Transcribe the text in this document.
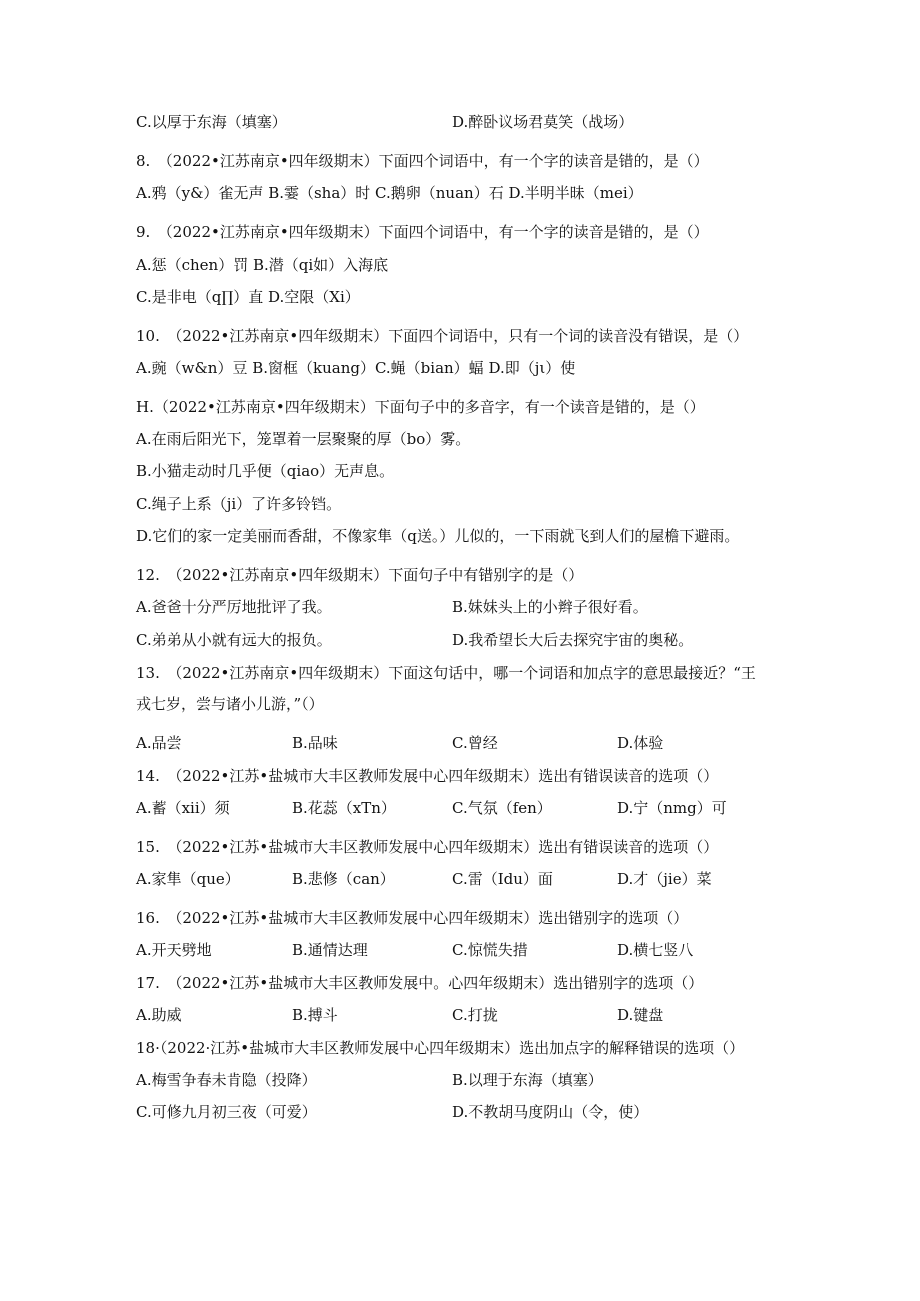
C.以厚于东海（填塞）	D.醉卧议场君莫笑（战场）
8.　（2022•江苏南京•四年级期末）下面四个词语中，有一个字的读音是错的，是（）
A.鸦（y&）雀无声 B.霎（sha）时 C.鹅卵（nuan）石 D.半明半昧（mei）
9.　（2022•江苏南京•四年级期末）下面四个词语中，有一个字的读音是错的，是（）
A.惩（chen）罚 B.潜（qi如）入海底
C.是非电（q∏）直 D.空限（Xi）
10.　（2022•江苏南京•四年级期末）下面四个词语中，只有一个词的读音没有错误，是（）
A.豌（w&n）豆 B.窗框（kuang）C.蝇（bian）蝠 D.即（jι）使
H.（2022•江苏南京•四年级期末）下面句子中的多音字，有一个读音是错的，是（）
A.在雨后阳光下，笼罩着一层聚聚的厚（bo）雾。
B.小猫走动时几乎便（qiao）无声息。
C.绳子上系（ji）了许多铃铛。
D.它们的家一定美丽而香甜，不像家隼（q送。）儿似的，一下雨就飞到人们的屋檐下避雨。
12.　（2022•江苏南京•四年级期末）下面句子中有错别字的是（）
A.爸爸十分严厉地批评了我。	B.妹妹头上的小辫子很好看。
C.弟弟从小就有远大的报负。	D.我希望长大后去探究宇宙的奥秘。
13.　（2022•江苏南京•四年级期末）下面这句话中，哪一个词语和加点字的意思最接近？“王
戎七岁，尝与诸小儿游，”（）
A.品尝	B.品味	C.曾经	D.体验
14.　（2022•江苏•盐城市大丰区教师发展中心四年级期末）选出有错误读音的选项（）
A.蓄（xii）须	B.花蕊（xTn）	C.气氛（fen）	D.宁（nmg）可
15.　（2022•江苏•盐城市大丰区教师发展中心四年级期末）选出有错误读音的选项（）
A.家隼（que）	B.悲修（can）	C.雷（Idu）面	D.才（jie）菜
16.　（2022•江苏•盐城市大丰区教师发展中心四年级期末）选出错别字的选项（）
A.开天劈地	B.通情达理	C.惊慌失措	D.横七竖八
17.　（2022•江苏•盐城市大丰区教师发展中。心四年级期末）选出错别字的选项（）
A.助威	B.搏斗	C.打拢	D.键盘
18·（2022·江苏•盐城市大丰区教师发展中心四年级期末）选出加点字的解释错误的选项（）
A.梅雪争春未肯隐（投降）	B.以理于东海（填塞）
C.可修九月初三夜（可爱）	D.不教胡马度阴山（令，使）
